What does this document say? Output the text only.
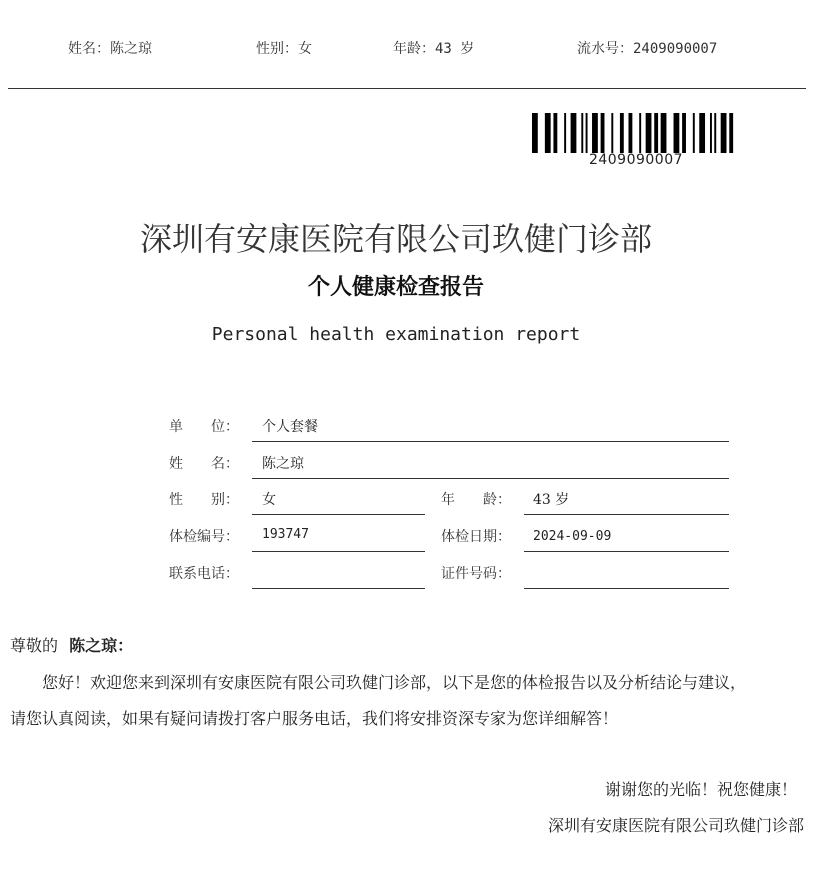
姓名：陈之琼	性别：女	年龄：43 岁	流水号：2409090007
2409090007
深圳有安康医院有限公司玖健门诊部
个人健康检查报告
Personal health examination report
单　　位： 个人套餐
姓　　名： 陈之琼
性　　别： 女	年　　龄： 43 岁
体检编号： 193747	体检日期： 2024-09-09
联系电话：	证件号码：
尊敬的 陈之琼：
您好！欢迎您来到深圳有安康医院有限公司玖健门诊部，以下是您的体检报告以及分析结论与建议，
请您认真阅读，如果有疑问请拨打客户服务电话，我们将安排资深专家为您详细解答！
谢谢您的光临！祝您健康！
深圳有安康医院有限公司玖健门诊部
